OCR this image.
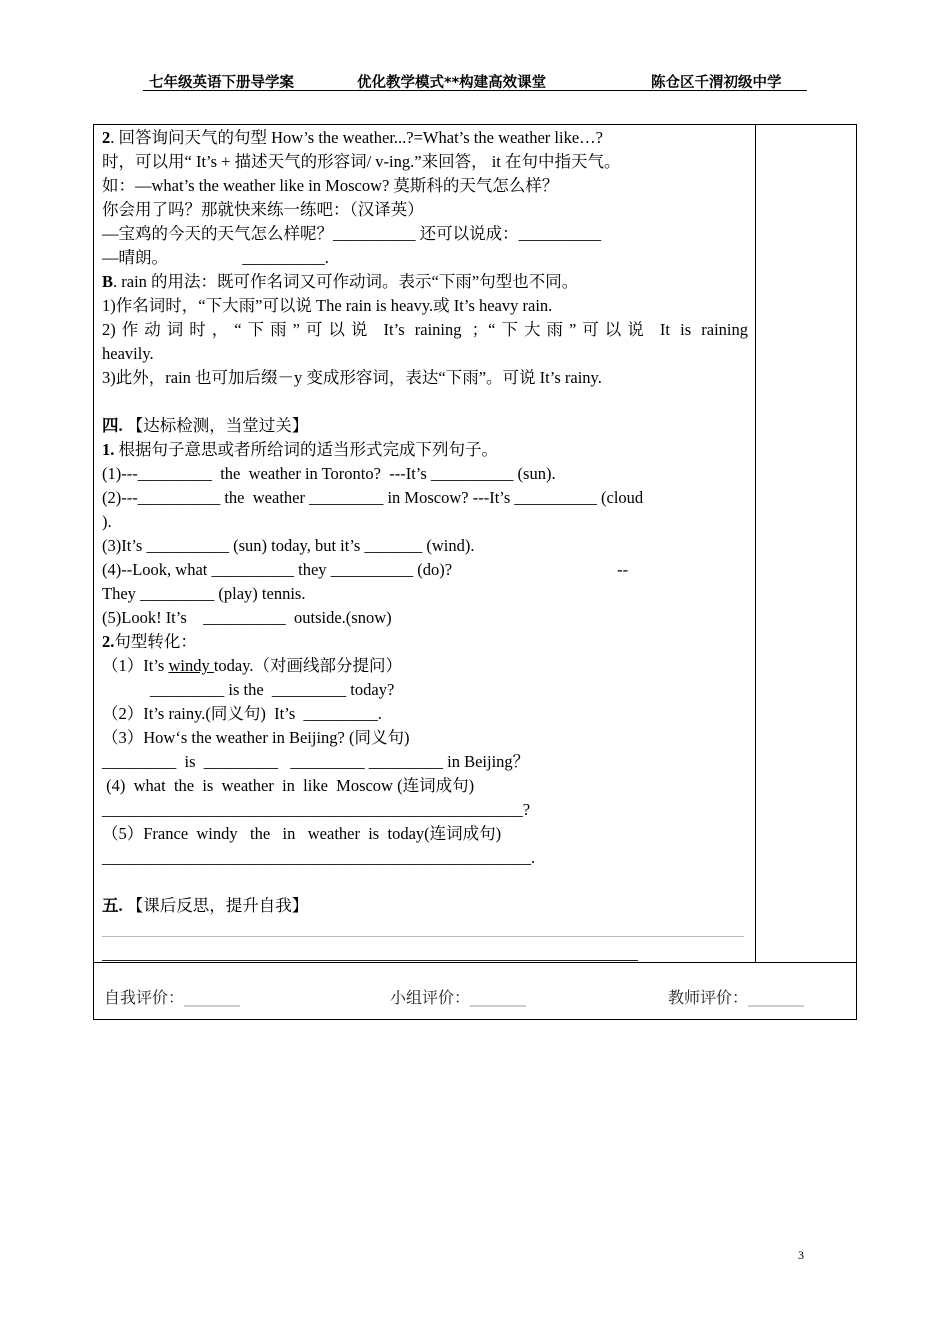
七年级英语下册导学案	优化教学模式**构建高效课堂	陈仓区千渭初级中学
2. 回答询问天气的句型 How’s the weather...?=What’s the weather like…?
时，可以用“ It’s + 描述天气的形容词/ v-ing.”来回答， it 在句中指天气。
如：—what’s the weather like in Moscow? 莫斯科的天气怎么样？
你会用了吗？那就快来练一练吧：（汉译英）
—宝鸡的今天的天气怎么样呢？__________ 还可以说成：__________
—晴朗。                  __________.
B. rain 的用法：既可作名词又可作动词。表示“下雨”句型也不同。
1)作名词时，“下大雨”可以说 The rain is heavy.或 It’s heavy rain.
2)作动词时，“下雨”可以说 It’s raining ；“下大雨”可以说 It is raining
heavily.
3)此外，rain 也可加后缀－y 变成形容词，表达“下雨”。可说 It’s rainy.
四. 【达标检测，当堂过关】
1. 根据句子意思或者所给词的适当形式完成下列句子。
(1)---_________  the  weather in Toronto?  ---It’s __________ (sun).
(2)---__________ the  weather _________ in Moscow? ---It’s __________ (cloud
).
(3)It’s __________ (sun) today, but it’s _______ (wind).
(4)--Look, what __________ they __________ (do)?                                        --
They _________ (play) tennis.
(5)Look! It’s    __________  outside.(snow)
2.句型转化：
（1）It’s windy today.（对画线部分提问）
_________ is the  _________ today?
（2）It’s rainy.(同义句)  It’s  _________.
（3）How‘s the weather in Beijing? (同义句)
_________  is  _________   _________ _________ in Beijing？
(4)  what  the  is  weather  in  like  Moscow (连词成句)
___________________________________________________?
（5）France  windy   the   in   weather  is  today(连词成句)
____________________________________________________.
五. 【课后反思，提升自我】
自我评价：________	小组评价：________	教师评价：________
3
